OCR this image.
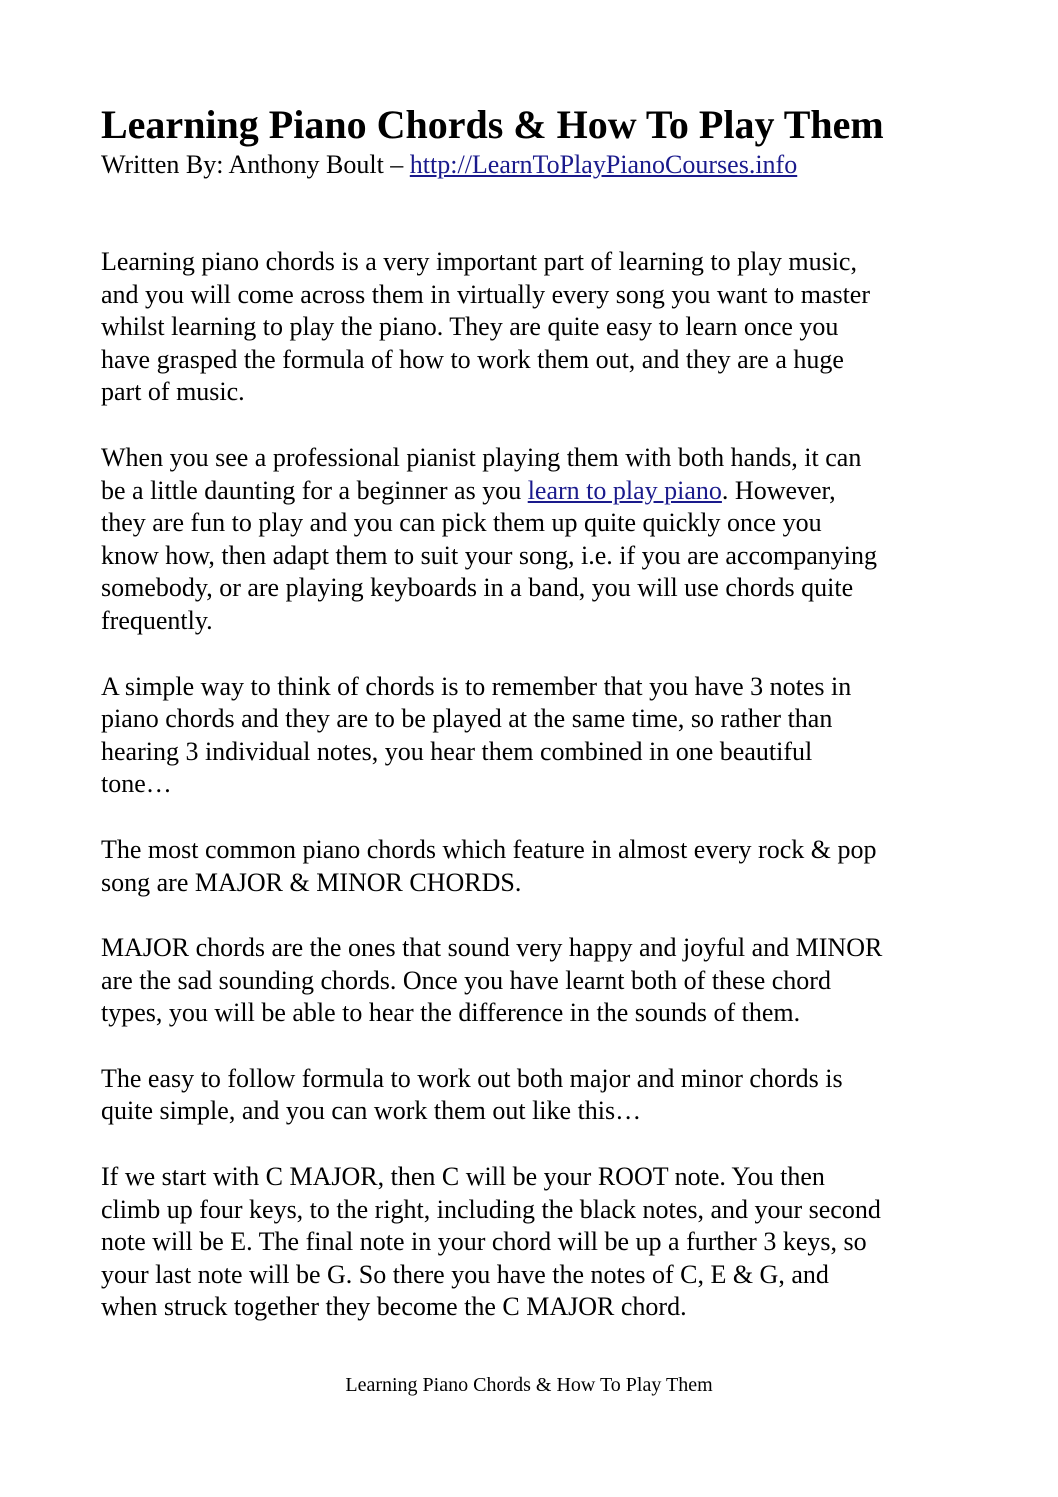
Learning Piano Chords & How To Play Them

Written By: Anthony Boult – http://LearnToPlayPianoCourses.info

Learning piano chords is a very important part of learning to play music,
and you will come across them in virtually every song you want to master
whilst learning to play the piano. They are quite easy to learn once you
have grasped the formula of how to work them out, and they are a huge
part of music.

When you see a professional pianist playing them with both hands, it can
be a little daunting for a beginner as you learn to play piano. However,
they are fun to play and you can pick them up quite quickly once you
know how, then adapt them to suit your song, i.e. if you are accompanying
somebody, or are playing keyboards in a band, you will use chords quite
frequently.

A simple way to think of chords is to remember that you have 3 notes in
piano chords and they are to be played at the same time, so rather than
hearing 3 individual notes, you hear them combined in one beautiful
tone…

The most common piano chords which feature in almost every rock & pop
song are MAJOR & MINOR CHORDS.

MAJOR chords are the ones that sound very happy and joyful and MINOR
are the sad sounding chords. Once you have learnt both of these chord
types, you will be able to hear the difference in the sounds of them.

The easy to follow formula to work out both major and minor chords is
quite simple, and you can work them out like this…

If we start with C MAJOR, then C will be your ROOT note. You then
climb up four keys, to the right, including the black notes, and your second
note will be E. The final note in your chord will be up a further 3 keys, so
your last note will be G. So there you have the notes of C, E & G, and
when struck together they become the C MAJOR chord.

Learning Piano Chords & How To Play Them
